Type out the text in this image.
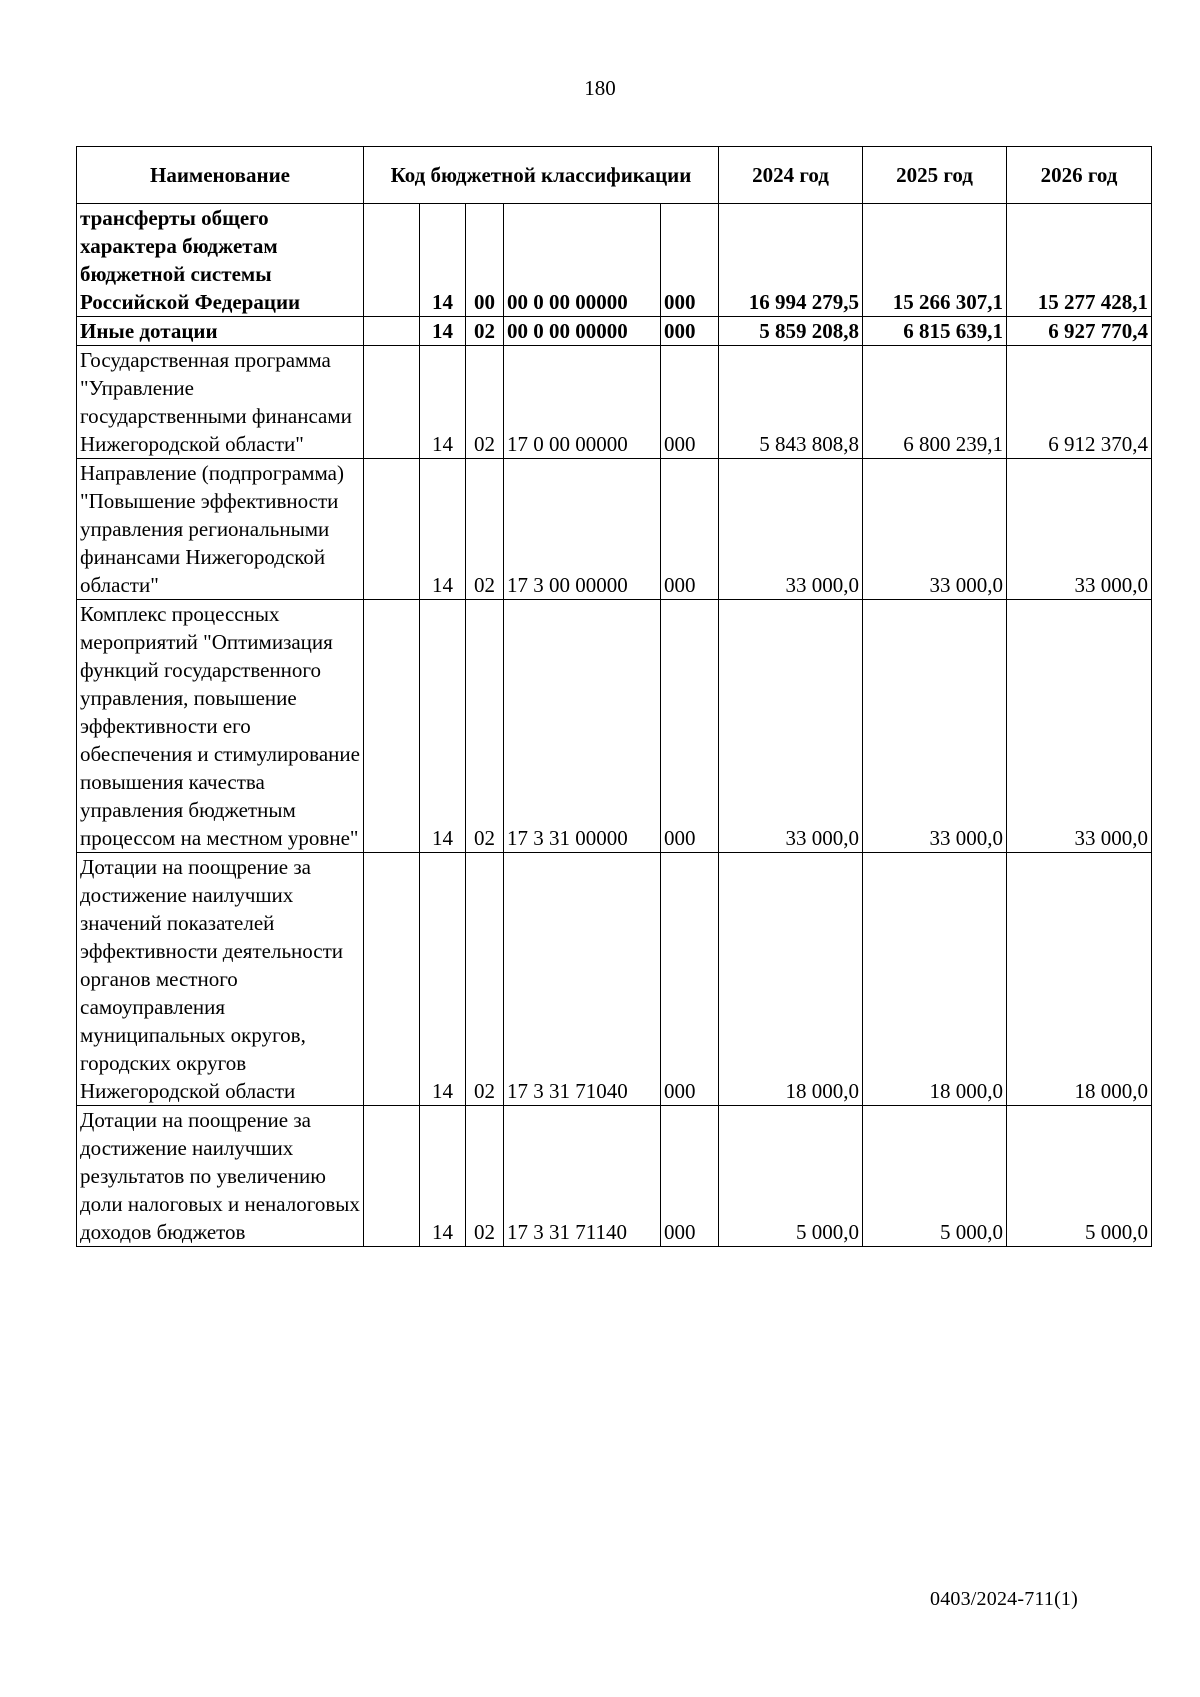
180
Наименование	Код бюджетной классификации					2024 год	2025 год	2026 год
трансферты общего характера бюджетам бюджетной системы Российской Федерации		14	00	00 0 00 00000	000	16 994 279,5	15 266 307,1	15 277 428,1
Иные дотации		14	02	00 0 00 00000	000	5 859 208,8	6 815 639,1	6 927 770,4
Государственная программа "Управление государственными финансами Нижегородской области"		14	02	17 0 00 00000	000	5 843 808,8	6 800 239,1	6 912 370,4
Направление (подпрограмма) "Повышение эффективности управления региональными финансами Нижегородской области"		14	02	17 3 00 00000	000	33 000,0	33 000,0	33 000,0
Комплекс процессных мероприятий "Оптимизация функций государственного управления, повышение эффективности его обеспечения и стимулирование повышения качества управления бюджетным процессом на местном уровне"		14	02	17 3 31 00000	000	33 000,0	33 000,0	33 000,0
Дотации на поощрение за достижение наилучших значений показателей эффективности деятельности органов местного самоуправления муниципальных округов, городских округов Нижегородской области		14	02	17 3 31 71040	000	18 000,0	18 000,0	18 000,0
Дотации на поощрение за достижение наилучших результатов по увеличению доли налоговых и неналоговых доходов бюджетов		14	02	17 3 31 71140	000	5 000,0	5 000,0	5 000,0
0403/2024-711(1)
